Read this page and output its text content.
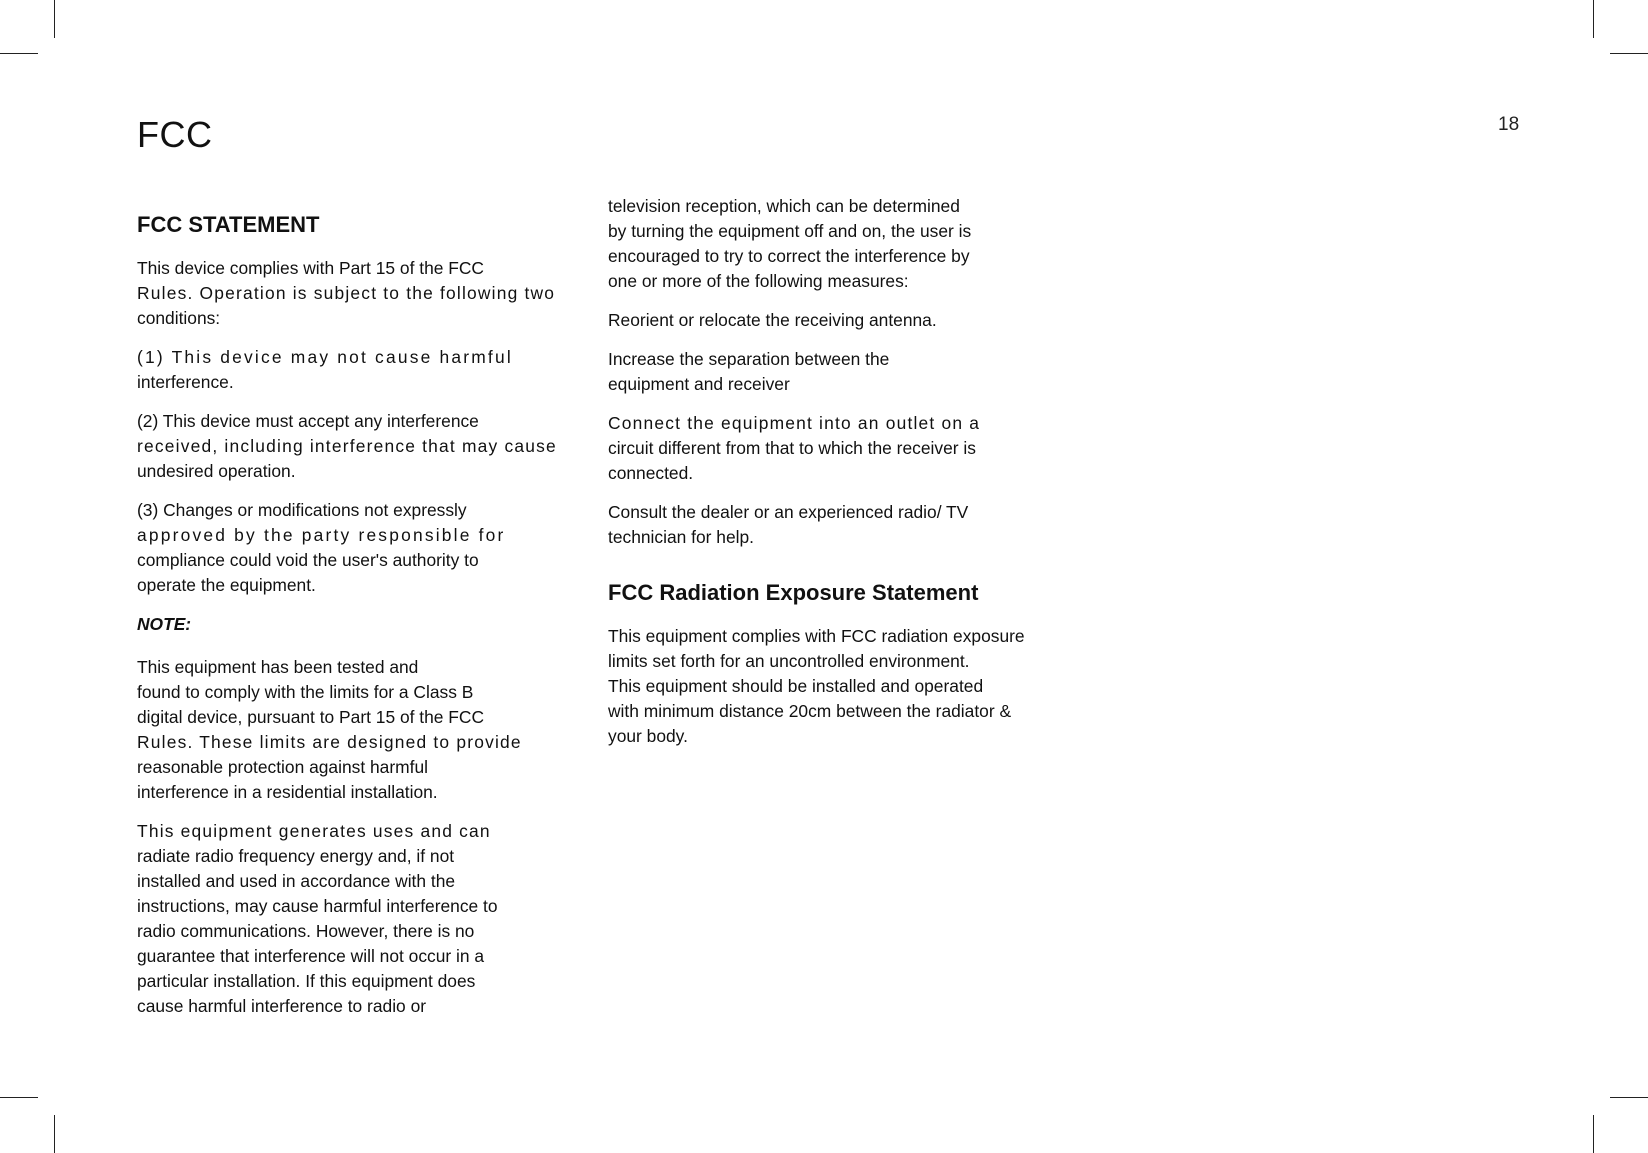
FCC	18
FCC STATEMENT

This device complies with Part 15 of the FCC
Rules. Operation is subject to the following two
conditions:

(1) This device may not cause harmful
interference.

(2) This device must accept any interference
received, including interference that may cause
undesired operation.

(3) Changes or modifications not expressly
approved by the party responsible for
compliance could void the user's authority to
operate the equipment.

NOTE:

This equipment has been tested and
found to comply with the limits for a Class B
digital device, pursuant to Part 15 of the FCC
Rules. These limits are designed to provide
reasonable protection against harmful
interference in a residential installation.

This equipment generates uses and can
radiate radio frequency energy and, if not
installed and used in accordance with the
instructions, may cause harmful interference to
radio communications. However, there is no
guarantee that interference will not occur in a
particular installation. If this equipment does
cause harmful interference to radio or

television reception, which can be determined
by turning the equipment off and on, the user is
encouraged to try to correct the interference by
one or more of the following measures:

Reorient or relocate the receiving antenna.

Increase the separation between the
equipment and receiver

Connect the equipment into an outlet on a
circuit different from that to which the receiver is
connected.

Consult the dealer or an experienced radio/ TV
technician for help.

FCC Radiation Exposure Statement

This equipment complies with FCC radiation exposure
limits set forth for an uncontrolled environment.
This equipment should be installed and operated
with minimum distance 20cm between the radiator &
your body.
